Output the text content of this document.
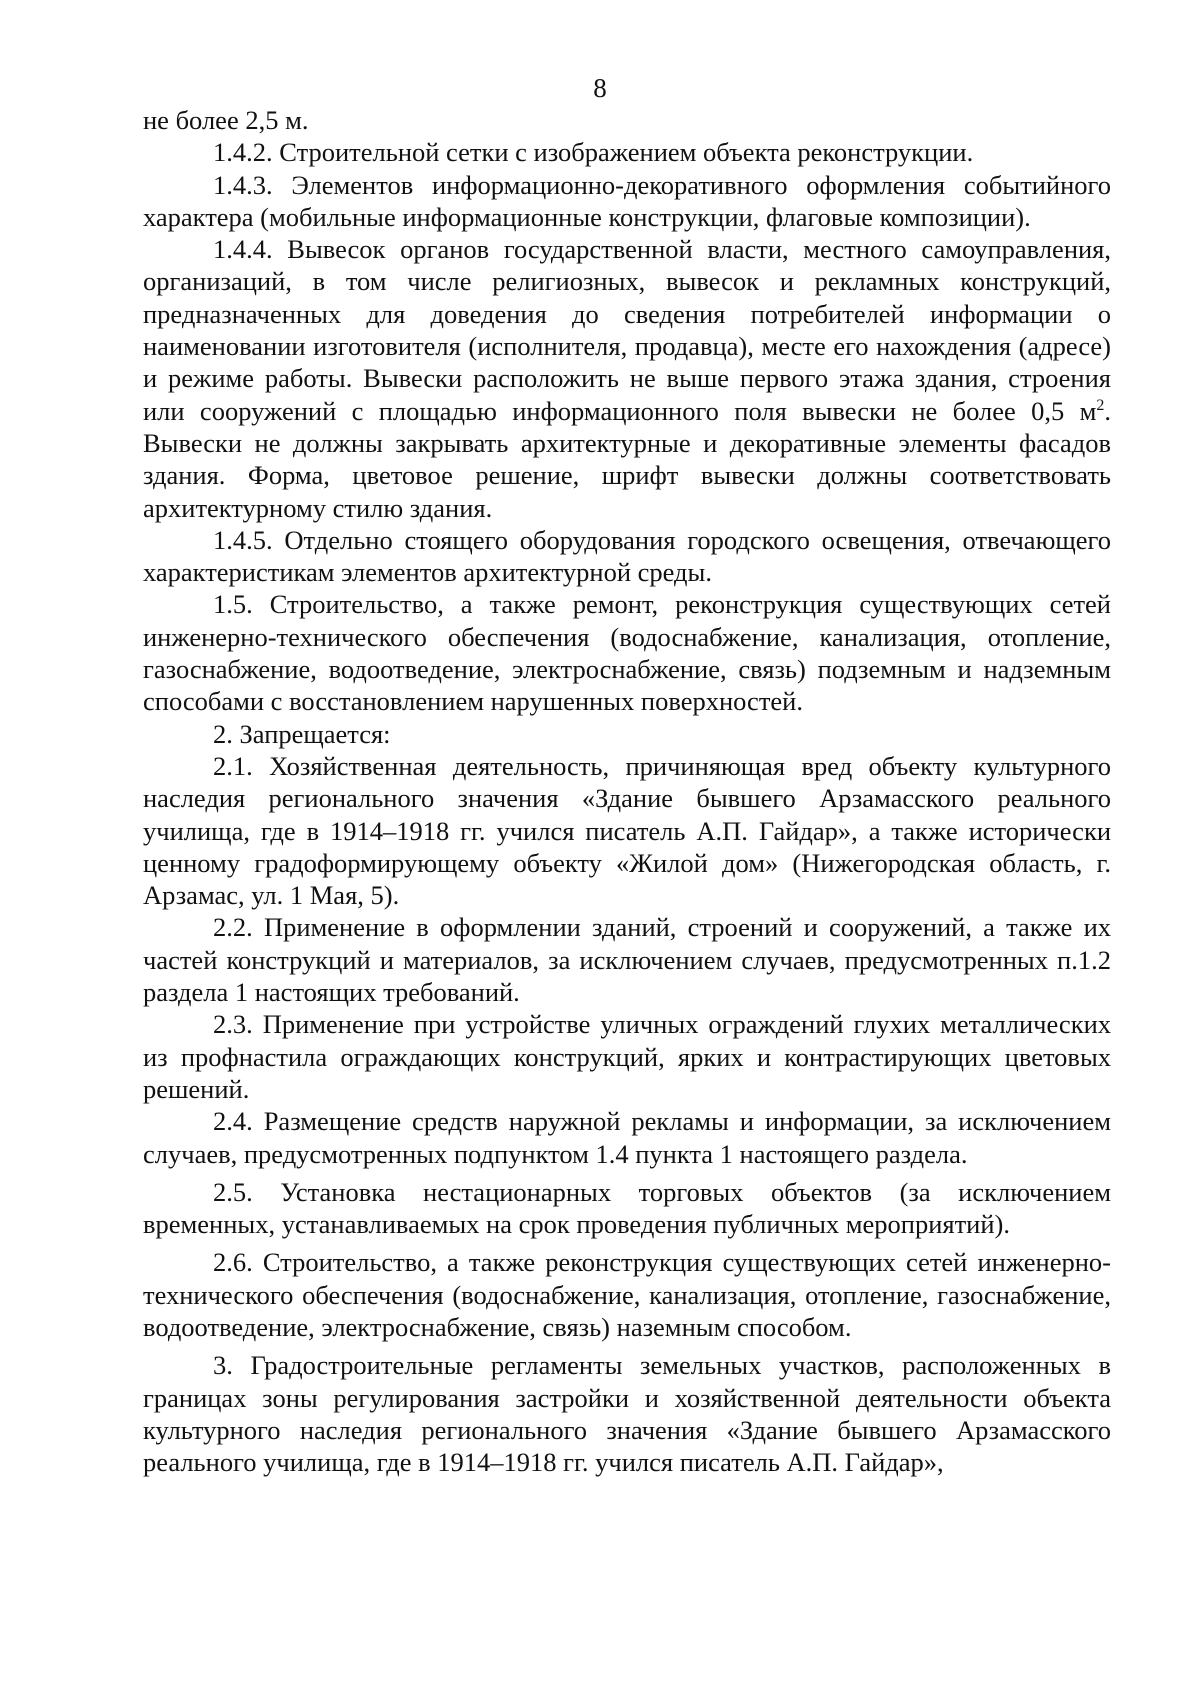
8

не более 2,5 м.

1.4.2. Строительной сетки с изображением объекта реконструкции.

1.4.3. Элементов информационно-декоративного оформления событийного характера (мобильные информационные конструкции, флаговые композиции).

1.4.4. Вывесок органов государственной власти, местного самоуправления, организаций, в том числе религиозных, вывесок и рекламных конструкций, предназначенных для доведения до сведения потребителей информации о наименовании изготовителя (исполнителя, продавца), месте его нахождения (адресе) и режиме работы. Вывески расположить не выше первого этажа здания, строения или сооружений с площадью информационного поля вывески не более 0,5 $м^2$. Вывески не должны закрывать архитектурные и декоративные элементы фасадов здания. Форма, цветовое решение, шрифт вывески должны соответствовать архитектурному стилю здания.

1.4.5. Отдельно стоящего оборудования городского освещения, отвечающего характеристикам элементов архитектурной среды.

1.5. Строительство, а также ремонт, реконструкция существующих сетей инженерно-технического обеспечения (водоснабжение, канализация, отопление, газоснабжение, водоотведение, электроснабжение, связь) подземным и надземным способами с восстановлением нарушенных поверхностей.

2. Запрещается:

2.1. Хозяйственная деятельность, причиняющая вред объекту культурного наследия регионального значения «Здание бывшего Арзамасского реального училища, где в 1914–1918 гг. учился писатель А.П. Гайдар», а также исторически ценному градоформирующему объекту «Жилой дом» (Нижегородская область, г. Арзамас, ул. 1 Мая, 5).

2.2. Применение в оформлении зданий, строений и сооружений, а также их частей конструкций и материалов, за исключением случаев, предусмотренных п.1.2 раздела 1 настоящих требований.

2.3. Применение при устройстве уличных ограждений глухих металлических из профнастила ограждающих конструкций, ярких и контрастирующих цветовых решений.

2.4. Размещение средств наружной рекламы и информации, за исключением случаев, предусмотренных подпунктом 1.4 пункта 1 настоящего раздела.

2.5. Установка нестационарных торговых объектов (за исключением временных, устанавливаемых на срок проведения публичных мероприятий).

2.6. Строительство, а также реконструкция существующих сетей инженерно-технического обеспечения (водоснабжение, канализация, отопление, газоснабжение, водоотведение, электроснабжение, связь) наземным способом.

3. Градостроительные регламенты земельных участков, расположенных в границах зоны регулирования застройки и хозяйственной деятельности объекта культурного наследия регионального значения «Здание бывшего Арзамасского реального училища, где в 1914–1918 гг. учился писатель А.П. Гайдар»,
